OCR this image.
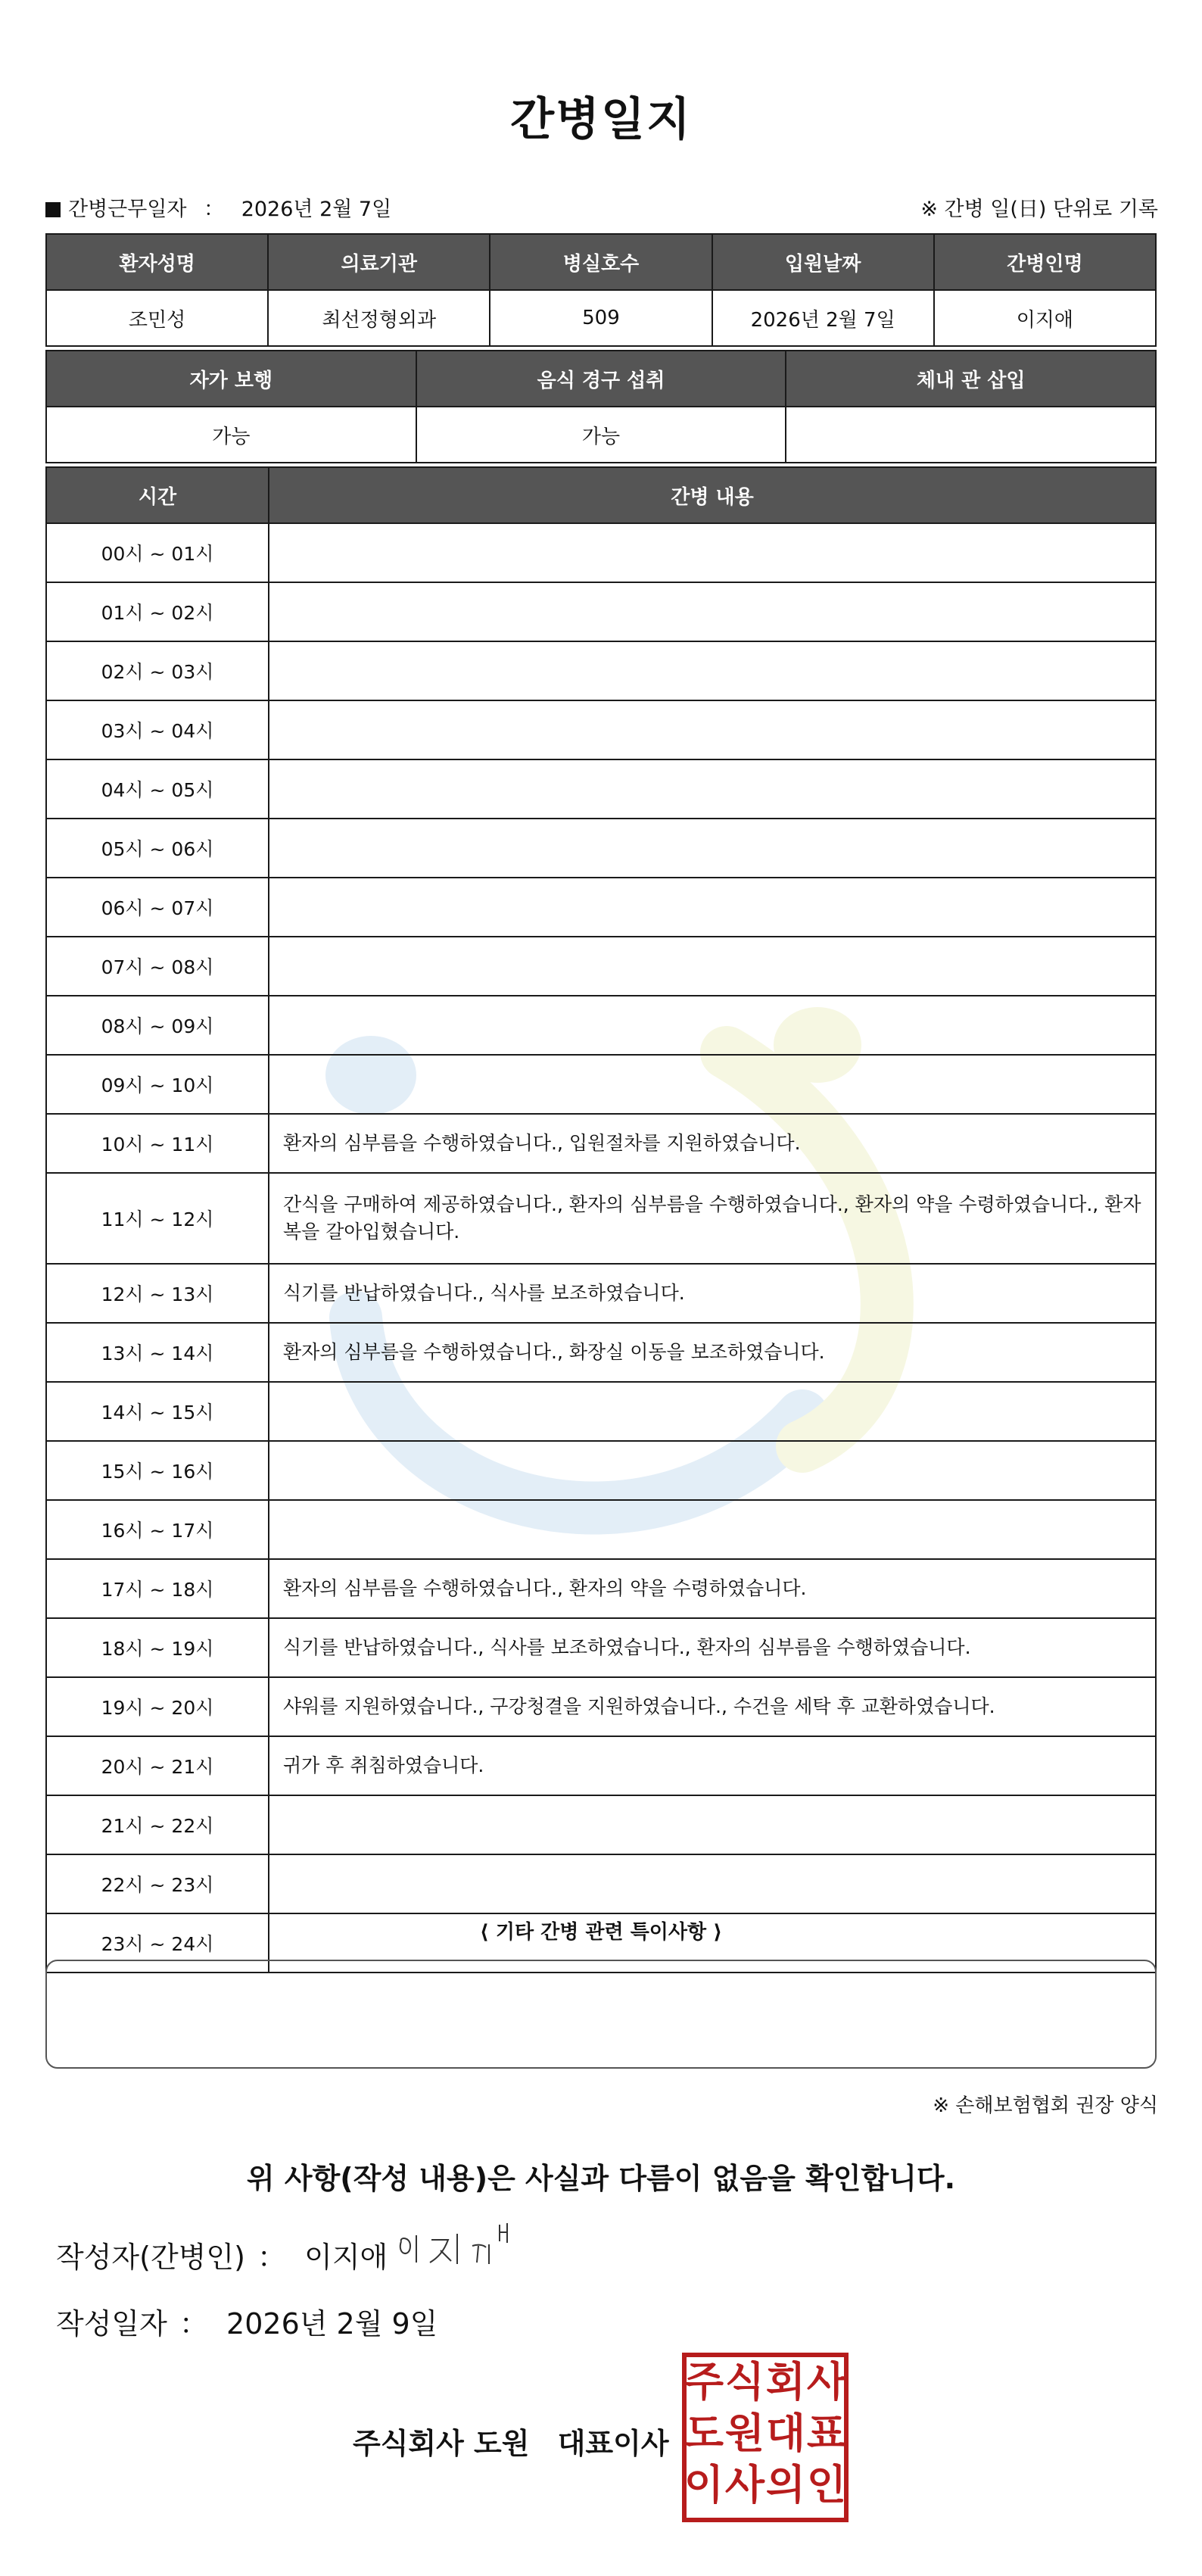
간병일지
간병근무일자 ： 2026년 2월 7일	※ 간병 일(日) 단위로 기록
환자성명	의료기관	병실호수	입원날짜	간병인명
조민성	최선정형외과	509	2026년 2월 7일	이지애
자가 보행	음식 경구 섭취	체내 관 삽입
가능	가능	
시간	간병 내용
00시 ~ 01시	
01시 ~ 02시	
02시 ~ 03시	
03시 ~ 04시	
04시 ~ 05시	
05시 ~ 06시	
06시 ~ 07시	
07시 ~ 08시	
08시 ~ 09시	
09시 ~ 10시	
10시 ~ 11시	환자의 심부름을 수행하였습니다., 입원절차를 지원하였습니다.
11시 ~ 12시	간식을 구매하여 제공하였습니다., 환자의 심부름을 수행하였습니다., 환자의 약을 수령하였습니다., 환자복을 갈아입혔습니다.
12시 ~ 13시	식기를 반납하였습니다., 식사를 보조하였습니다.
13시 ~ 14시	환자의 심부름을 수행하였습니다., 화장실 이동을 보조하였습니다.
14시 ~ 15시	
15시 ~ 16시	
16시 ~ 17시	
17시 ~ 18시	환자의 심부름을 수행하였습니다., 환자의 약을 수령하였습니다.
18시 ~ 19시	식기를 반납하였습니다., 식사를 보조하였습니다., 환자의 심부름을 수행하였습니다.
19시 ~ 20시	샤워를 지원하였습니다., 구강청결을 지원하였습니다., 수건을 세탁 후 교환하였습니다.
20시 ~ 21시	귀가 후 취침하였습니다.
21시 ~ 22시	
22시 ~ 23시	
23시 ~ 24시	
⟨ 기타 간병 관련 특이사항 ⟩
※ 손해보험협회 권장 양식
위 사항(작성 내용)은 사실과 다름이 없음을 확인합니다.
작성자(간병인) ： 이지애
작성일자 ： 2026년 2월 9일
주식회사 도원 대표이사
주 식 회 사
도 원 대 표
이 사 의 인
